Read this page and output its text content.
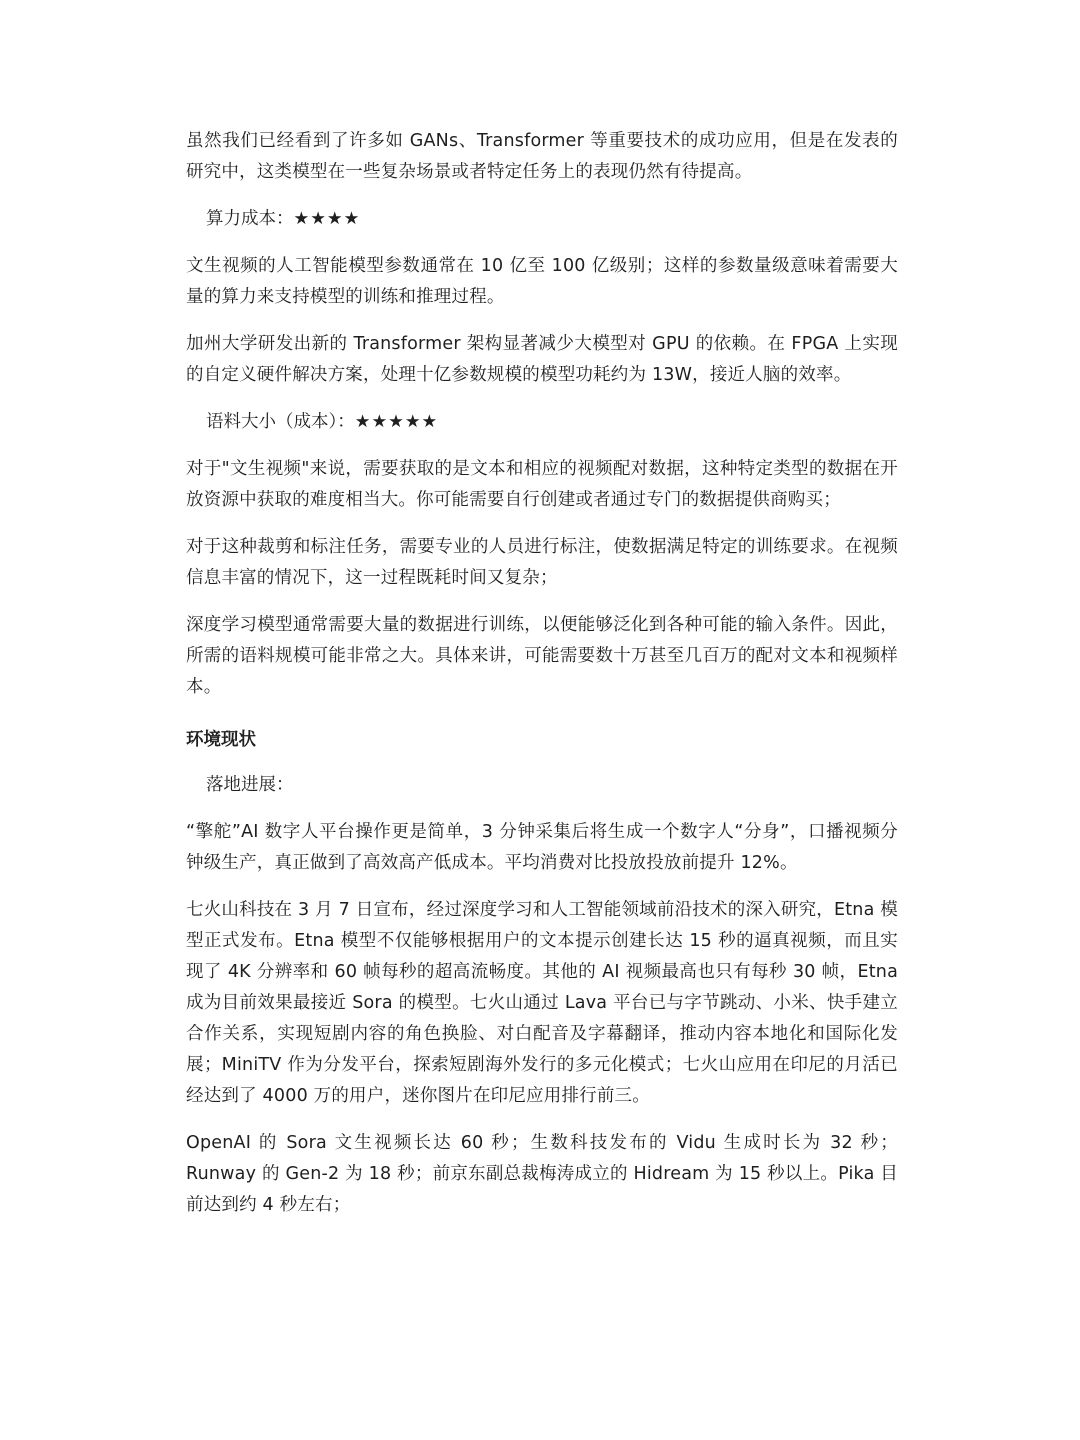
虽然我们已经看到了许多如 GANs、Transformer 等重要技术的成功应用，但是在发表的研究中，这类模型在一些复杂场景或者特定任务上的表现仍然有待提高。

算力成本：★★★★

文生视频的人工智能模型参数通常在 10 亿至 100 亿级别；这样的参数量级意味着需要大量的算力来支持模型的训练和推理过程。

加州大学研发出新的 Transformer 架构显著减少大模型对 GPU 的依赖。在 FPGA 上实现的自定义硬件解决方案，处理十亿参数规模的模型功耗约为 13W，接近人脑的效率。

语料大小（成本）：★★★★★

对于"文生视频"来说，需要获取的是文本和相应的视频配对数据，这种特定类型的数据在开放资源中获取的难度相当大。你可能需要自行创建或者通过专门的数据提供商购买；

对于这种裁剪和标注任务，需要专业的人员进行标注，使数据满足特定的训练要求。在视频信息丰富的情况下，这一过程既耗时间又复杂；

深度学习模型通常需要大量的数据进行训练，以便能够泛化到各种可能的输入条件。因此，所需的语料规模可能非常之大。具体来讲，可能需要数十万甚至几百万的配对文本和视频样本。

环境现状
落地进展：

“擎舵”AI 数字人平台操作更是简单，3 分钟采集后将生成一个数字人“分身”，口播视频分钟级生产，真正做到了高效高产低成本。平均消费对比投放投放前提升 12%。

七火山科技在 3 月 7 日宣布，经过深度学习和人工智能领域前沿技术的深入研究，Etna 模型正式发布。Etna 模型不仅能够根据用户的文本提示创建长达 15 秒的逼真视频，而且实现了 4K 分辨率和 60 帧每秒的超高流畅度。其他的 AI 视频最高也只有每秒 30 帧，Etna 成为目前效果最接近 Sora 的模型。七火山通过 Lava 平台已与字节跳动、小米、快手建立合作关系，实现短剧内容的角色换脸、对白配音及字幕翻译，推动内容本地化和国际化发展；MiniTV 作为分发平台，探索短剧海外发行的多元化模式；七火山应用在印尼的月活已经达到了 4000 万的用户，迷你图片在印尼应用排行前三。

OpenAI 的 Sora 文生视频长达 60 秒；生数科技发布的 Vidu 生成时长为 32 秒；Runway 的 Gen-2 为 18 秒；前京东副总裁梅涛成立的 Hidream 为 15 秒以上。Pika 目前达到约 4 秒左右；
